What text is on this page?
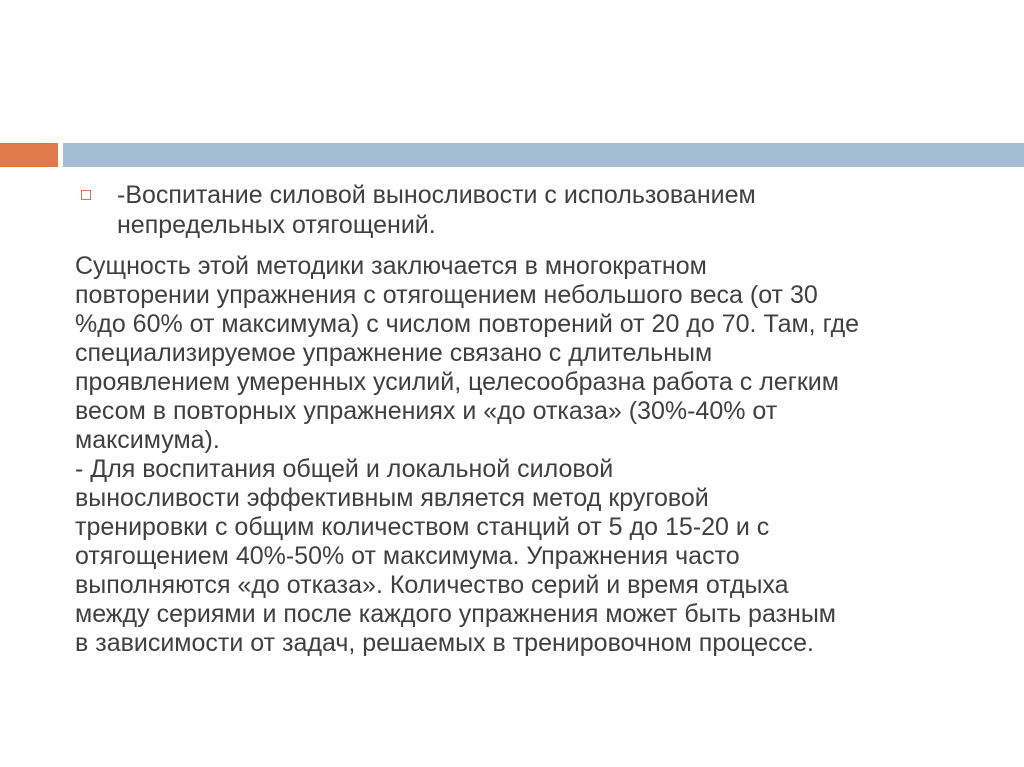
-Воспитание силовой выносливости с использованием
непредельных отягощений.
Сущность этой методики заключается в многократном
повторении упражнения с отягощением небольшого веса (от 30
%до 60% от максимума) с числом повторений от 20 до 70. Там, где
специализируемое упражнение связано с длительным
проявлением умеренных усилий, целесообразна работа с легким
весом в повторных упражнениях и «до отказа» (30%-40% от
максимума).
- Для воспитания общей и локальной силовой
выносливости эффективным является метод круговой
тренировки с общим количеством станций от 5 до 15-20 и с
отягощением 40%-50% от максимума. Упражнения часто
выполняются «до отказа». Количество серий и время отдыха
между сериями и после каждого упражнения может быть разным
в зависимости от задач, решаемых в тренировочном процессе.
